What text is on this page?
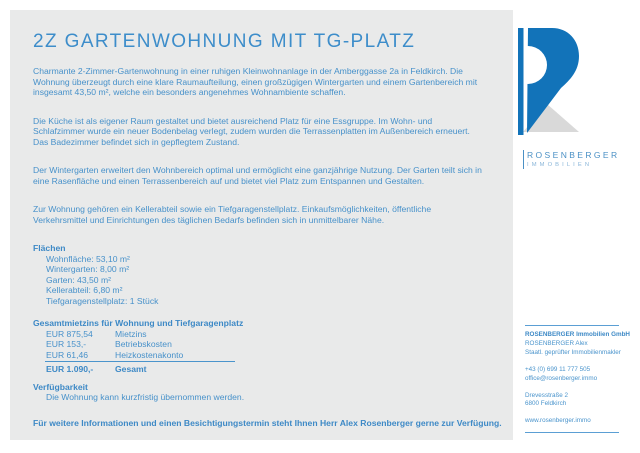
2Z GARTENWOHNUNG MIT TG-PLATZ

Charmante 2-Zimmer-Gartenwohnung in einer ruhigen Kleinwohnanlage in der Amberggasse 2a in Feldkirch. Die Wohnung überzeugt durch eine klare Raumaufteilung, einen großzügigen Wintergarten und einem Gartenbereich mit insgesamt 43,50 m², welche ein besonders angenehmes Wohnambiente schaffen.

Die Küche ist als eigener Raum gestaltet und bietet ausreichend Platz für eine Essgruppe. Im Wohn- und Schlafzimmer wurde ein neuer Bodenbelag verlegt, zudem wurden die Terrassenplatten im Außenbereich erneuert. Das Badezimmer befindet sich in gepflegtem Zustand.

Der Wintergarten erweitert den Wohnbereich optimal und ermöglicht eine ganzjährige Nutzung. Der Garten teilt sich in eine Rasenfläche und einen Terrassenbereich auf und bietet viel Platz zum Entspannen und Gestalten.

Zur Wohnung gehören ein Kellerabteil sowie ein Tiefgaragenstellplatz. Einkaufsmöglichkeiten, öffentliche Verkehrsmittel und Einrichtungen des täglichen Bedarfs befinden sich in unmittelbarer Nähe.

Flächen
Wohnfläche: 53,10 m²
Wintergarten: 8,00 m²
Garten: 43,50 m²
Kellerabteil: 6,80 m²
Tiefgaragenstellplatz: 1 Stück
Gesamtmietzins für Wohnung und Tiefgaragenplatz
EUR 875,54	Mietzins
EUR 153,-	Betriebskosten
EUR 61,46	Heizkostenakonto
EUR 1.090,-	Gesamt
Verfügbarkeit
Die Wohnung kann kurzfristig übernommen werden.
Für weitere Informationen und einen Besichtigungstermin steht Ihnen Herr Alex Rosenberger gerne zur Verfügung.
ROSENBERGER
IMMOBILIEN
ROSENBERGER Immobilien GmbH
ROSENBERGER Alex
Staatl. geprüfter Immobilienmakler
+43 (0) 699 11 777 505
office@rosenberger.immo
Drevesstraße 2
6800 Feldkirch
www.rosenberger.immo
